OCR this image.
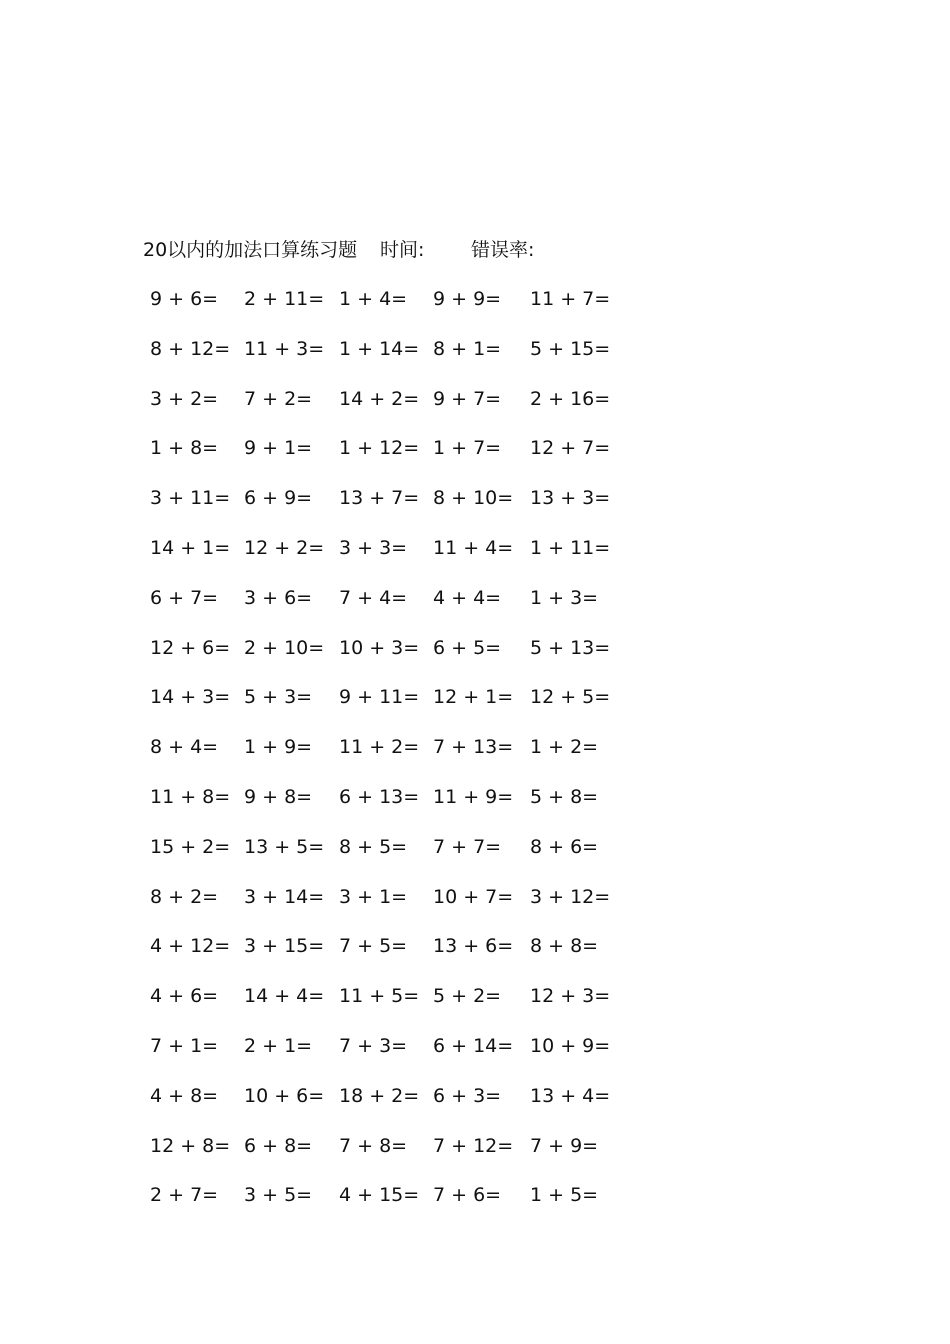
20以内的加法口算练习题 时间: 错误率:
9 + 6= 2 + 11= 1 + 4= 9 + 9= 11 + 7=
8 + 12= 11 + 3= 1 + 14= 8 + 1= 5 + 15=
3 + 2= 7 + 2= 14 + 2= 9 + 7= 2 + 16=
1 + 8= 9 + 1= 1 + 12= 1 + 7= 12 + 7=
3 + 11= 6 + 9= 13 + 7= 8 + 10= 13 + 3=
14 + 1= 12 + 2= 3 + 3= 11 + 4= 1 + 11=
6 + 7= 3 + 6= 7 + 4= 4 + 4= 1 + 3=
12 + 6= 2 + 10= 10 + 3= 6 + 5= 5 + 13=
14 + 3= 5 + 3= 9 + 11= 12 + 1= 12 + 5=
8 + 4= 1 + 9= 11 + 2= 7 + 13= 1 + 2=
11 + 8= 9 + 8= 6 + 13= 11 + 9= 5 + 8=
15 + 2= 13 + 5= 8 + 5= 7 + 7= 8 + 6=
8 + 2= 3 + 14= 3 + 1= 10 + 7= 3 + 12=
4 + 12= 3 + 15= 7 + 5= 13 + 6= 8 + 8=
4 + 6= 14 + 4= 11 + 5= 5 + 2= 12 + 3=
7 + 1= 2 + 1= 7 + 3= 6 + 14= 10 + 9=
4 + 8= 10 + 6= 18 + 2= 6 + 3= 13 + 4=
12 + 8= 6 + 8= 7 + 8= 7 + 12= 7 + 9=
2 + 7= 3 + 5= 4 + 15= 7 + 6= 1 + 5=
